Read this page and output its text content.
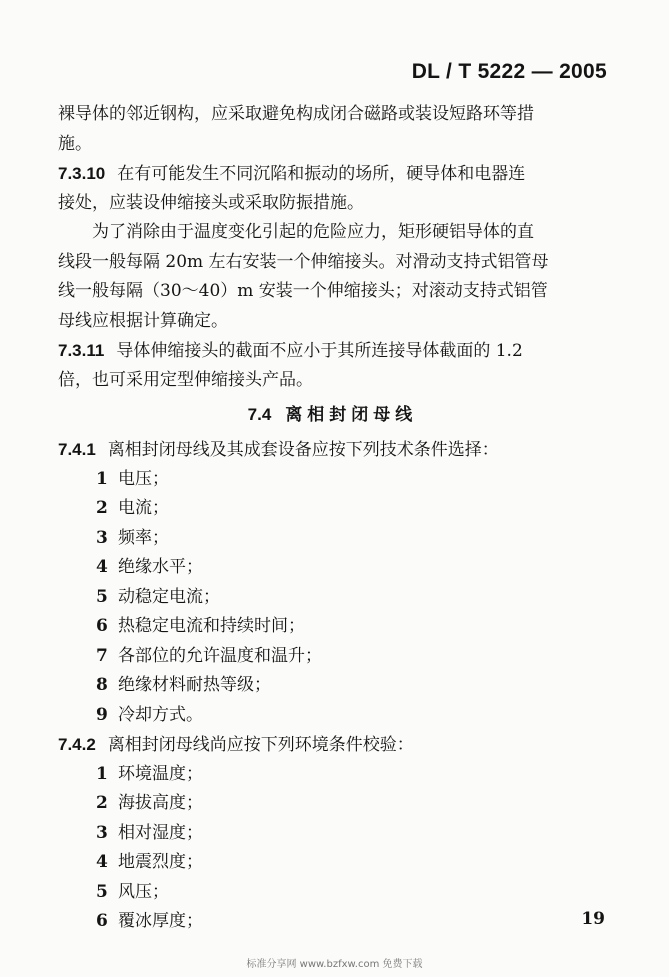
DL / T 5222 — 2005
裸导体的邻近钢构，应采取避免构成闭合磁路或装设短路环等措
施。
7.3.10 在有可能发生不同沉陷和振动的场所，硬导体和电器连
接处，应装设伸缩接头或采取防振措施。
为了消除由于温度变化引起的危险应力，矩形硬铝导体的直
线段一般每隔 20m 左右安装一个伸缩接头。对滑动支持式铝管母
线一般每隔（30～40）m 安装一个伸缩接头；对滚动支持式铝管
母线应根据计算确定。
7.3.11 导体伸缩接头的截面不应小于其所连接导体截面的 1.2
倍，也可采用定型伸缩接头产品。
7.4 离相封闭母线
7.4.1 离相封闭母线及其成套设备应按下列技术条件选择：
1 电压；
2 电流；
3 频率；
4 绝缘水平；
5 动稳定电流；
6 热稳定电流和持续时间；
7 各部位的允许温度和温升；
8 绝缘材料耐热等级；
9 冷却方式。
7.4.2 离相封闭母线尚应按下列环境条件校验：
1 环境温度；
2 海拔高度；
3 相对湿度；
4 地震烈度；
5 风压；
6 覆冰厚度；	19
标准分享网 www.bzfxw.com 免费下载
